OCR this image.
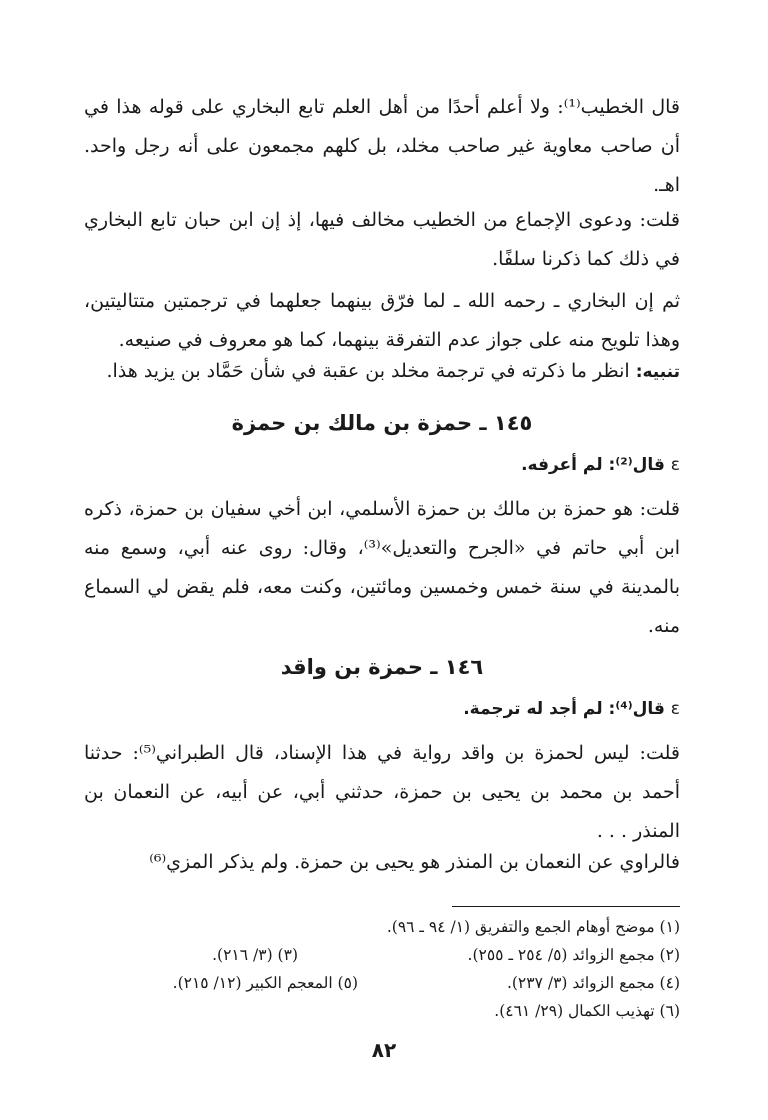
قال الخطيب⁽¹⁾: ولا أعلم أحدًا من أهل العلم تابع البخاري على قوله هذا في أن صاحب معاوية غير صاحب مخلد، بل كلهم مجمعون على أنه رجل واحد. اهـ.
قلت: ودعوى الإجماع من الخطيب مخالف فيها، إذ إن ابن حبان تابع البخاري في ذلك كما ذكرنا سلفًا.
ثم إن البخاري ـ رحمه الله ـ لما فرّق بينهما جعلهما في ترجمتين متتاليتين، وهذا تلويح منه على جواز عدم التفرقة بينهما، كما هو معروف في صنيعه.
تنبيه: انظر ما ذكرته في ترجمة مخلد بن عقبة في شأن حَمَّاد بن يزيد هذا.
١٤٥ ـ حمزة بن مالك بن حمزة
ε قال⁽²⁾: لم أعرفه.
قلت: هو حمزة بن مالك بن حمزة الأسلمي، ابن أخي سفيان بن حمزة، ذكره ابن أبي حاتم في «الجرح والتعديل»⁽³⁾، وقال: روى عنه أبي، وسمع منه بالمدينة في سنة خمس وخمسين ومائتين، وكنت معه، فلم يقض لي السماع منه.
١٤٦ ـ حمزة بن واقد
ε قال⁽⁴⁾: لم أجد له ترجمة.
قلت: ليس لحمزة بن واقد رواية في هذا الإسناد، قال الطبراني⁽⁵⁾: حدثنا أحمد بن محمد بن يحيى بن حمزة، حدثني أبي، عن أبيه، عن النعمان بن المنذر . . .
فالراوي عن النعمان بن المنذر هو يحيى بن حمزة. ولم يذكر المزي⁽⁶⁾
(١) موضح أوهام الجمع والتفريق (١/ ٩٤ ـ ٩٦).
(٢) مجمع الزوائد (٥/ ٢٥٤ ـ ٢٥٥).
(٣) (٣/ ٢١٦).
(٤) مجمع الزوائد (٣/ ٢٣٧).
(٥) المعجم الكبير (١٢/ ٢١٥).
(٦) تهذيب الكمال (٢٩/ ٤٦١).
٨٢
